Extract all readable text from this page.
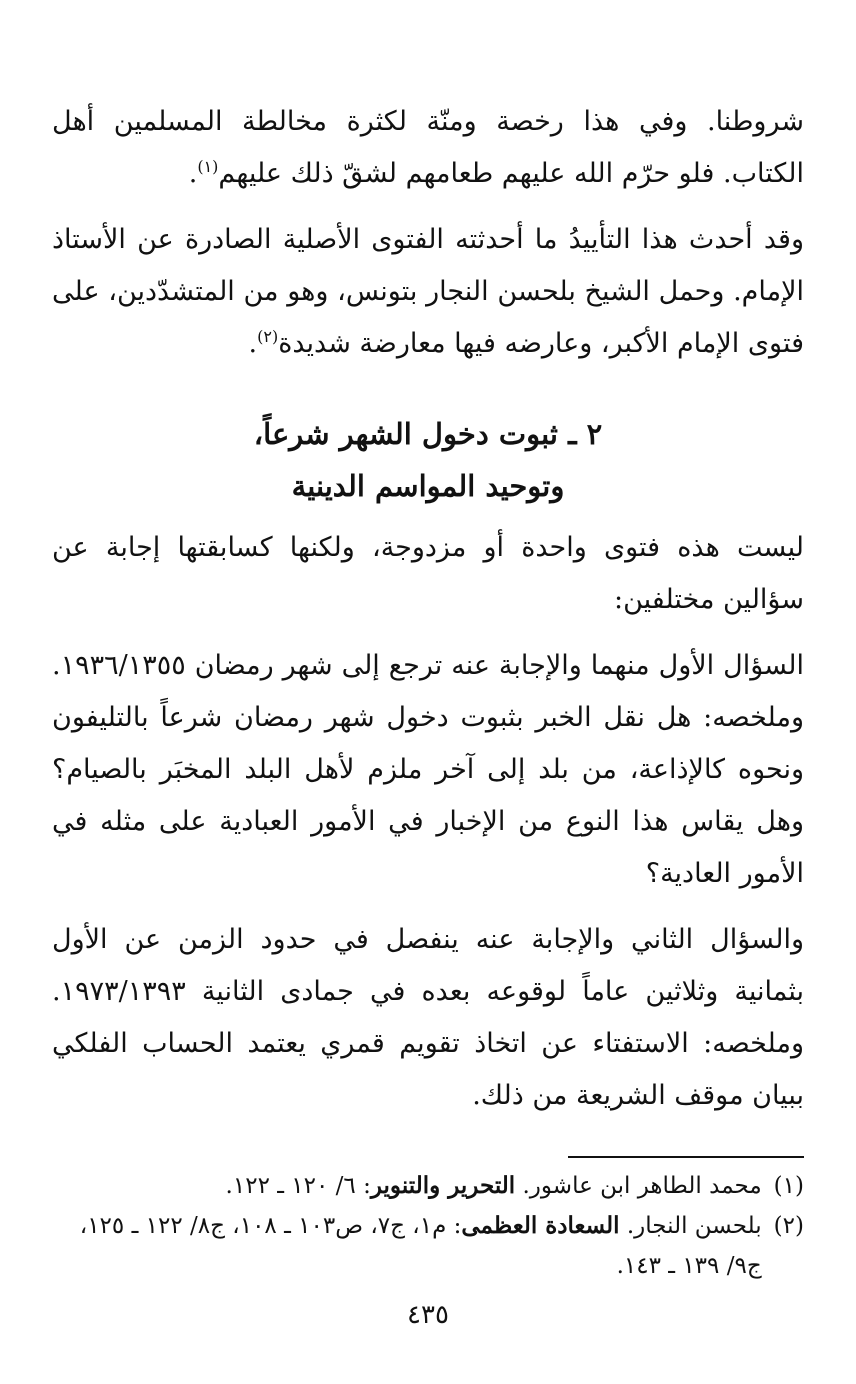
شروطنا. وفي هذا رخصة ومنّة لكثرة مخالطة المسلمين أهل الكتاب. فلو حرّم الله عليهم طعامهم لشقّ ذلك عليهم$^{(١)}$.

وقد أحدث هذا التأييدُ ما أحدثته الفتوى الأصلية الصادرة عن الأستاذ الإمام. وحمل الشيخ بلحسن النجار بتونس، وهو من المتشدّدين، على فتوى الإمام الأكبر، وعارضه فيها معارضة شديدة$^{(٢)}$.

٢ ـ ثبوت دخول الشهر شرعاً،
وتوحيد المواسم الدينية

ليست هذه فتوى واحدة أو مزدوجة، ولكنها كسابقتها إجابة عن سؤالين مختلفين:

السؤال الأول منهما والإجابة عنه ترجع إلى شهر رمضان ١٩٣٦/١٣٥٥. وملخصه: هل نقل الخبر بثبوت دخول شهر رمضان شرعاً بالتليفون ونحوه كالإذاعة، من بلد إلى آخر ملزم لأهل البلد المخبَر بالصيام؟ وهل يقاس هذا النوع من الإخبار في الأمور العبادية على مثله في الأمور العادية؟

والسؤال الثاني والإجابة عنه ينفصل في حدود الزمن عن الأول بثمانية وثلاثين عاماً لوقوعه بعده في جمادى الثانية ١٩٧٣/١٣٩٣. وملخصه: الاستفتاء عن اتخاذ تقويم قمري يعتمد الحساب الفلكي ببيان موقف الشريعة من ذلك.

(١)
محمد الطاهر ابن عاشور. التحرير والتنوير: ٦/ ١٢٠ ـ ١٢٢.
(٢)
بلحسن النجار. السعادة العظمى: م١، ج٧، ص١٠٣ ـ ١٠٨، ج٨/ ١٢٢ ـ ١٢٥، ج٩/ ١٣٩ ـ ١٤٣.
٤٣٥
